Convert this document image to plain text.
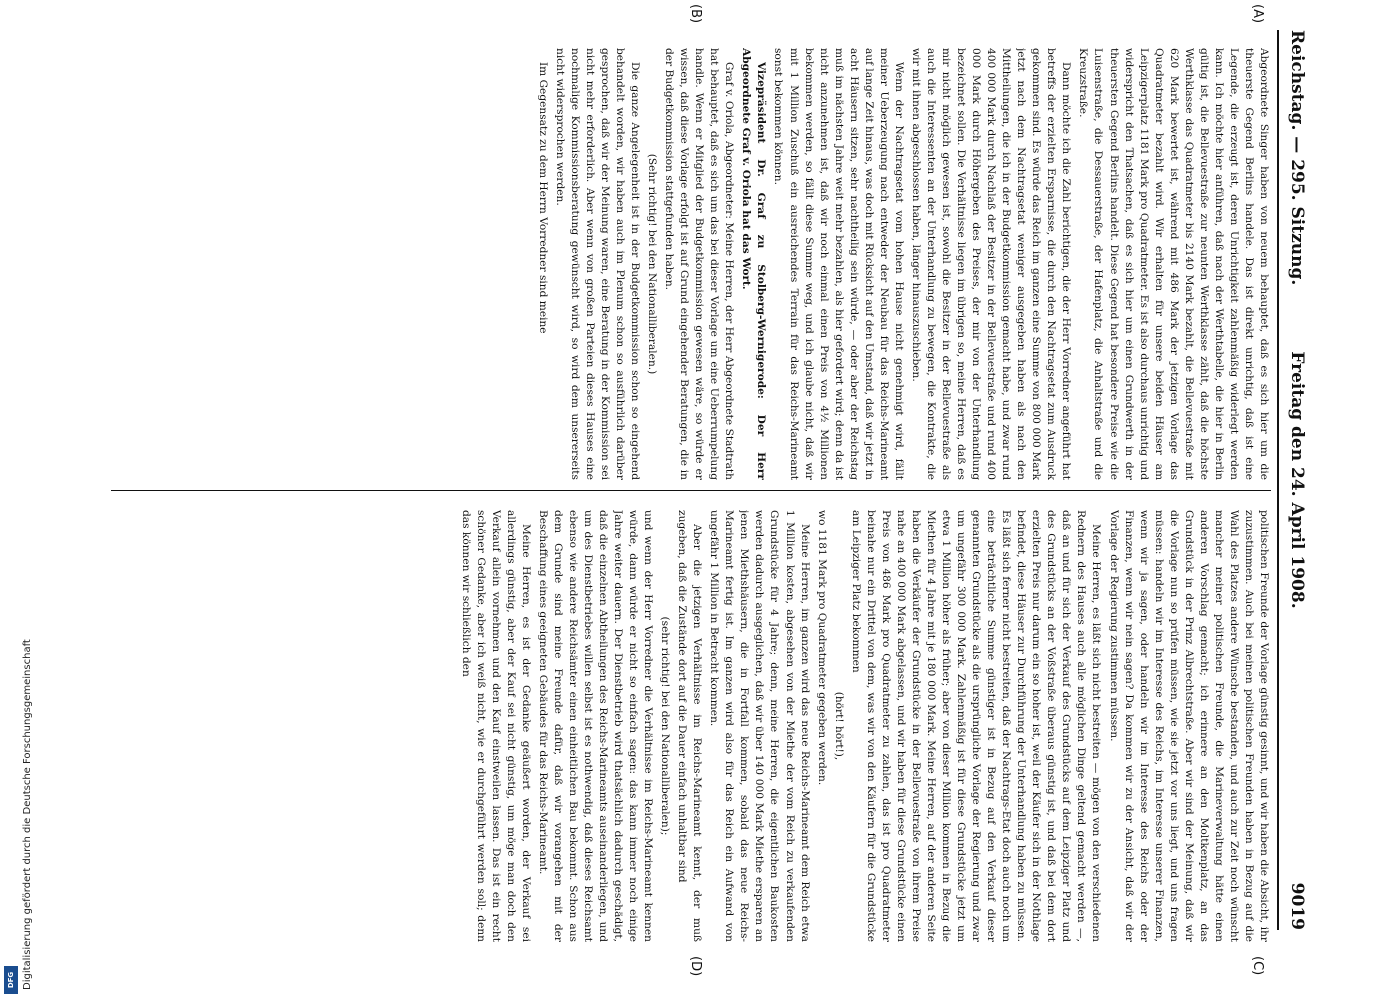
Reichstag. — 295. Sitzung.
Freitag den 24. April 1908.
9019
(A)
(B)
(C)
(D)

Abgeordnete Singer haben von neuem behauptet, daß es sich hier um die theuerste Gegend Berlins handele. Das ist direkt unrichtig, daß ist eine Legende, die erzeugt ist, deren Unrichtigkeit zahlenmäßig widerlegt werden kann. Ich möchte hier anführen, daß nach der Werthtabelle, die hier in Berlin gültig ist, die Bellevuestraße zur neunten Werthklasse zählt, daß die höchste Werthklasse das Quadratmeter bis 2140 Mark bezahlt, die Bellevuestraße mit 620 Mark bewertet ist, während mit 486 Mark der jetzigen Vorlage das Quadratmeter bezahlt wird. Wir erhalten für unsere beiden Häuser am Leipzigerplatz 1181 Mark pro Quadratmeter. Es ist also durchaus unrichtig und widerspricht den Thatsachen, daß es sich hier um einen Grundwerth in der theuersten Gegend Berlins handelt. Diese Gegend hat besondere Preise wie die Luisenstraße, die Dessauerstraße, der Hafenplatz, die Anhaltstraße und die Kreuzstraße.

Dann möchte ich die Zahl berichtigen, die der Herr Vorredner angeführt hat betreffs der erzielten Ersparnisse, die durch den Nachtragsetat zum Ausdruck gekommen sind. Es würde das Reich im ganzen eine Summe von 800 000 Mark jetzt nach dem Nachtragsetat weniger ausgegeben haben als nach den Mittheilungen, die ich in der Budgetkommission gemacht habe, und zwar rund 400 000 Mark durch Nachlaß der Besitzer in der Bellevuestraße und rund 400 000 Mark durch Höhergeben des Preises, der mir von der Unterhandlung bezeichnet sollen. Die Verhältnisse liegen im übrigen so, meine Herren, daß es mir nicht möglich gewesen ist, sowohl die Besitzer in der Bellevuestraße als auch die Interessenten an der Unterhandlung zu bewegen, die Kontrakte, die wir mit ihnen abgeschlossen haben, länger hinauszuschieben.

Wenn der Nachtragsetat vom hohen Hause nicht genehmigt wird, fällt meiner Ueberzeugung nach entweder der Neubau für das Reichs-Marineamt auf lange Zeit hinaus, was doch mit Rücksicht auf den Umstand, daß wir jetzt in acht Häusern sitzen, sehr nachtheilig sein würde, — oder aber der Reichstag muß im nächsten Jahre weit mehr bezahlen, als hier gefordert wird; denn da ist nicht anzunehmen ist, daß wir noch einmal einen Preis von 4½ Millionen bekommen werden, so fällt diese Summe weg, und ich glaube nicht, daß wir mit 1 Million Zuschuß ein ausreichendes Terrain für das Reichs-Marineamt sonst bekommen können.

Vizepräsident Dr. Graf zu Stolberg-Wernigerode: Der Herr Abgeordnete Graf v. Oriola hat das Wort.

Graf v. Oriola, Abgeordneter: Meine Herren, der Herr Abgeordnete Stadtrath hat behauptet, daß es sich um das bei dieser Vorlage um eine Ueberrumpelung handle. Wenn er Mitglied der Budgetkommission gewesen wäre, so würde er wissen, daß diese Vorlage erfolgt ist auf Grund eingehender Beratungen, die in der Budgetkommission stattgefunden haben.

(Sehr richtig! bei den Nationalliberalen.)

Die ganze Angelegenheit ist in der Budgetkommission schon so eingehend behandelt worden, wir haben auch im Plenum schon so ausführlich darüber gesprochen, daß wir der Meinung waren, eine Beratung in der Kommission sei nicht mehr erforderlich. Aber wenn von großen Parteien dieses Hauses eine nochmalige Kommissionsberatung gewünscht wird, so wird dem unsererseits nicht widersprochen werden.

Im Gegensatz zu dem Herrn Vorredner sind meine

politischen Freunde der Vorlage günstig gesinnt, und wir haben die Absicht, ihr zuzustimmen. Auch bei meinen politischen Freunden haben in Bezug auf die Wahl des Platzes andere Wünsche bestanden, und auch zur Zeit noch wünscht mancher meiner politischen Freunde, die Marineverwaltung hätte einen anderen Vorschlag gemacht; ich erinnere an den Moltkenplatz, an das Grundstück in der Prinz Albrechtstraße. Aber wir sind der Meinung, daß wir die Vorlage nun so prüfen müssen, wie sie jetzt vor uns liegt, und uns fragen müssen: handeln wir im Interesse des Reichs, im Interesse unserer Finanzen, wenn wir ja sagen, oder handeln wir im Interesse des Reichs oder der Finanzen, wenn wir nein sagen? Da kommen wir zu der Ansicht, daß wir der Vorlage der Regierung zustimmen müssen.

Meine Herren, es läßt sich nicht bestreiten — mögen von den verschiedenen Rednern des Hauses auch alle möglichen Dinge geltend gemacht werden —, daß an und für sich der Verkauf des Grundstücks auf dem Leipziger Platz und des Grundstücks an der Voßstraße überaus günstig ist, und daß bei dem dort erzielten Preis nur darum ein so hoher ist, weil der Käufer sich in der Nothlage befindet, diese Häuser zur Durchführung der Unterhandlung haben zu müssen. Es läßt sich ferner nicht bestreiten, daß der Nachtrags-Etat doch auch noch um eine beträchtliche Summe günstiger ist in Bezug auf den Verkauf dieser genannten Grundstücke als die ursprüngliche Vorlage der Regierung und zwar um ungefähr 300 000 Mark. Zahlenmäßig ist für diese Grundstücke jetzt um etwa 1 Million höher als früher; aber von dieser Million kommen in Bezug die Miethen für 4 Jahre mit je 180 000 Mark. Meine Herren, auf der anderen Seite haben die Verkäufer der Grundstücke in der Bellevuestraße von ihrem Preise nahe an 400 000 Mark abgelassen, und wir haben für diese Grundstücke einen Preis von 486 Mark pro Quadratmeter zu zahlen, das ist pro Quadratmeter beinahe nur ein Drittel von dem, was wir von den Käufern für die Grundstücke am Leipziger Platz bekommen

(hört! hört!),

wo 1181 Mark pro Quadratmeter gegeben werden.

Meine Herren, im ganzen wird das neue Reichs-Marineamt dem Reich etwa 1 Million kosten, abgesehen von der Miethe der vom Reich zu verkaufenden Grundstücke für 4 Jahre; denn, meine Herren, die eigentlichen Baukosten werden dadurch ausgeglichen, daß wir über 140 000 Mark Miethe ersparen an jenen Miethshäusern, die in Fortfall kommen, sobald das neue Reichs-Marineamt fertig ist. Im ganzen wird also für das Reich ein Aufwand von ungefähr 1 Million in Betracht kommen.

Aber die jetzigen Verhältnisse im Reichs-Marineamt kennt, der muß zugeben, daß die Zustände dort auf die Dauer einfach unhaltbar sind

(sehr richtig! bei den Nationalliberalen);

und wenn der Herr Vorredner die Verhältnisse im Reichs-Marineamt kennen würde, dann würde er nicht so einfach sagen: das kann immer noch einige Jahre weiter dauern. Der Dienstbetrieb wird thatsächlich dadurch geschädigt, daß die einzelnen Abtheilungen des Reichs-Marineamts auseinanderliegen, und um des Dienstbetriebes willen selbst ist es nothwendig, daß dieses Reichsamt ebenso wie andere Reichsämter einen einheitlichen Bau bekommt. Schon aus dem Grunde sind meine Freunde dafür, daß wir vorangehen mit der Beschaffung eines geeigneten Gebäudes für das Reichs-Marineamt.

Meine Herren, es ist der Gedanke geäußert worden, der Verkauf sei allerdings günstig, aber der Kauf sei nicht günstig, um möge man doch den Verkauf allein vornehmen und den Kauf einstweilen lassen. Das ist ein recht schöner Gedanke, aber ich weiß nicht, wie er durchgeführt werden soll; denn das können wir schließlich den

Digitalisierung gefördert durch die Deutsche Forschungsgemeinschaft
DFG
